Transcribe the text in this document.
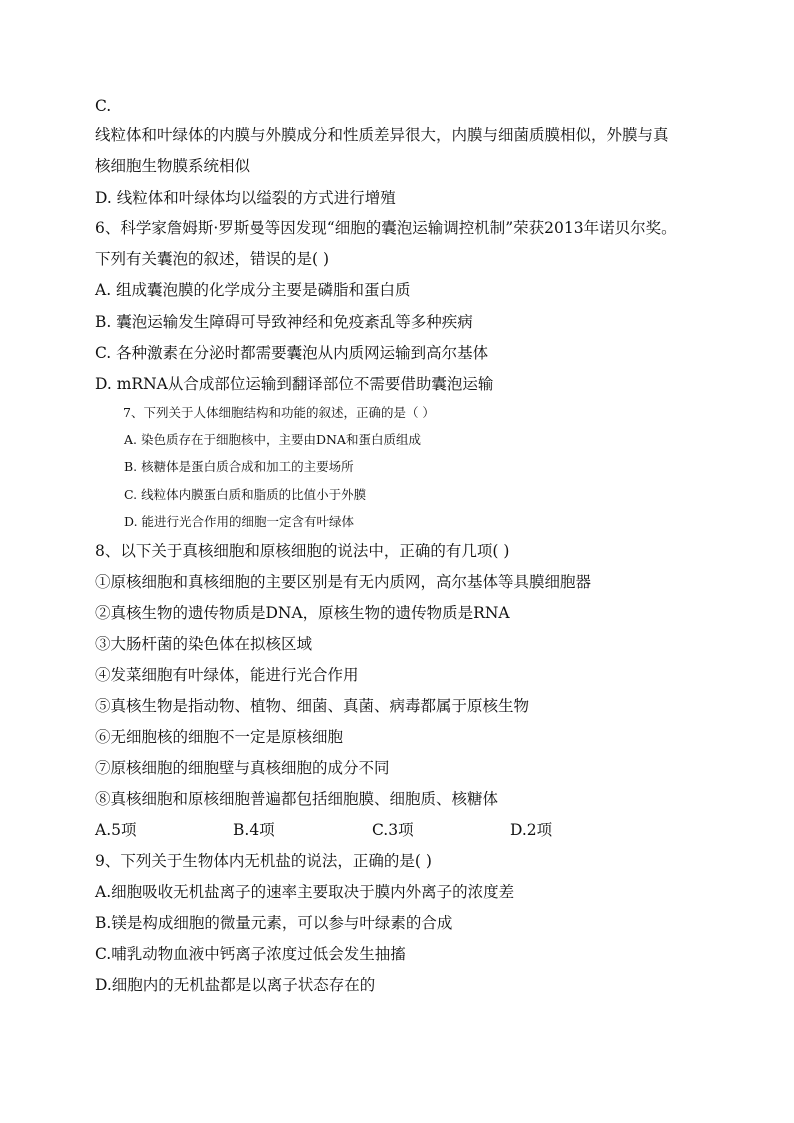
C.
线粒体和叶绿体的内膜与外膜成分和性质差异很大，内膜与细菌质膜相似，外膜与真
核细胞生物膜系统相似
D. 线粒体和叶绿体均以缢裂的方式进行增殖
6、科学家詹姆斯·罗斯曼等因发现“细胞的囊泡运输调控机制”荣获2013年诺贝尔奖。
下列有关囊泡的叙述，错误的是( )
A. 组成囊泡膜的化学成分主要是磷脂和蛋白质
B. 囊泡运输发生障碍可导致神经和免疫紊乱等多种疾病
C. 各种激素在分泌时都需要囊泡从内质网运输到高尔基体
D. mRNA从合成部位运输到翻译部位不需要借助囊泡运输
7、下列关于人体细胞结构和功能的叙述，正确的是（ ）
A. 染色质存在于细胞核中，主要由DNA和蛋白质组成
B. 核糖体是蛋白质合成和加工的主要场所
C. 线粒体内膜蛋白质和脂质的比值小于外膜
D. 能进行光合作用的细胞一定含有叶绿体
8、以下关于真核细胞和原核细胞的说法中，正确的有几项( )
①原核细胞和真核细胞的主要区别是有无内质网，高尔基体等具膜细胞器
②真核生物的遗传物质是DNA，原核生物的遗传物质是RNA
③大肠杆菌的染色体在拟核区域
④发菜细胞有叶绿体，能进行光合作用
⑤真核生物是指动物、植物、细菌、真菌、病毒都属于原核生物
⑥无细胞核的细胞不一定是原核细胞
⑦原核细胞的细胞壁与真核细胞的成分不同
⑧真核细胞和原核细胞普遍都包括细胞膜、细胞质、核糖体
A.5项	B.4项	C.3项	D.2项
9、下列关于生物体内无机盐的说法，正确的是( )
A.细胞吸收无机盐离子的速率主要取决于膜内外离子的浓度差
B.镁是构成细胞的微量元素，可以参与叶绿素的合成
C.哺乳动物血液中钙离子浓度过低会发生抽搐
D.细胞内的无机盐都是以离子状态存在的
